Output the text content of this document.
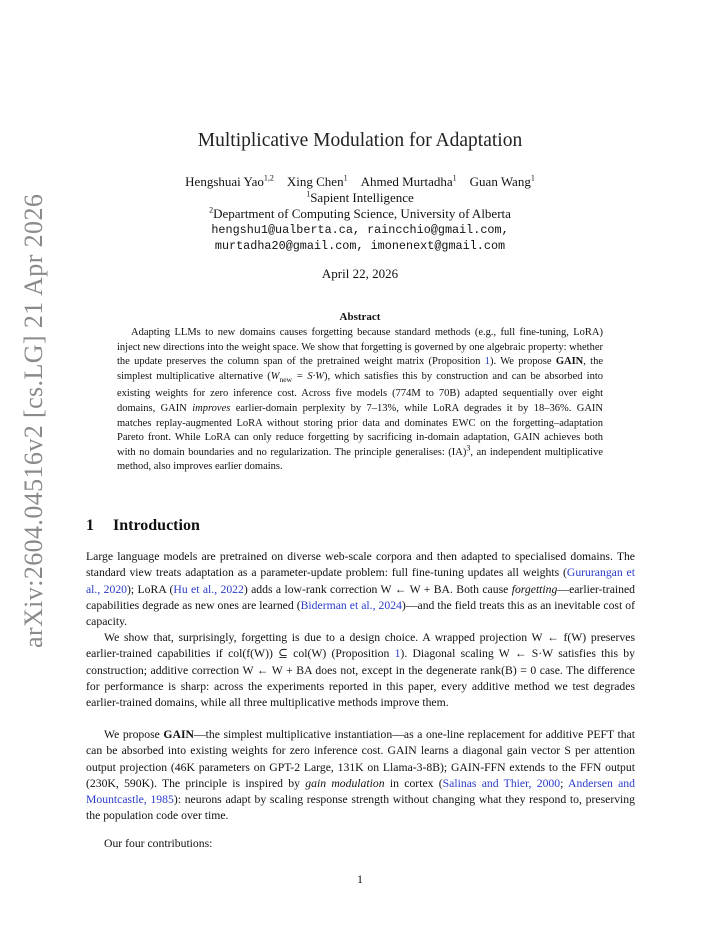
arXiv:2604.04516v2 [cs.LG] 21 Apr 2026
Multiplicative Modulation for Adaptation
Hengshuai Yao$^{1,2}$ Xing Chen$^1$ Ahmed Murtadha$^1$ Guan Wang$^1$
$^1$Sapient Intelligence
$^2$Department of Computing Science, University of Alberta
hengshu1@ualberta.ca, raincchio@gmail.com,
murtadha20@gmail.com, imonenext@gmail.com
April 22, 2026
Abstract

Adapting LLMs to new domains causes forgetting because standard methods (e.g., full fine-tuning, LoRA) inject new directions into the weight space. We show that forgetting is governed by one algebraic property: whether the update preserves the column span of the pretrained weight matrix (Proposition 1). We propose GAIN, the simplest multiplicative alternative $(W_{new} = S\cdot W)$, which satisfies this by construction and can be absorbed into existing weights for zero inference cost. Across five models (774M to 70B) adapted sequentially over eight domains, GAIN improves earlier-domain perplexity by 7–13%, while LoRA degrades it by 18–36%. GAIN matches replay-augmented LoRA without storing prior data and dominates EWC on the forgetting–adaptation Pareto front. While LoRA can only reduce forgetting by sacrificing in-domain adaptation, GAIN achieves both with no domain boundaries and no regularization. The principle generalises: (IA)$^3$, an independent multiplicative method, also improves earlier domains.

1 Introduction

Large language models are pretrained on diverse web-scale corpora and then adapted to specialised domains. The standard view treats adaptation as a parameter-update problem: full fine-tuning updates all weights (Gururangan et al., 2020); LoRA (Hu et al., 2022) adds a low-rank correction W ← W + BA. Both cause forgetting—earlier-trained capabilities degrade as new ones are learned (Biderman et al., 2024)—and the field treats this as an inevitable cost of capacity.

We show that, surprisingly, forgetting is due to a design choice. A wrapped projection W ← f(W) preserves earlier-trained capabilities if col(f(W)) ⊆ col(W) (Proposition 1). Diagonal scaling W ← S·W satisfies this by construction; additive correction W ← W + BA does not, except in the degenerate rank(B) = 0 case. The difference for performance is sharp: across the experiments reported in this paper, every additive method we test degrades earlier-trained domains, while all three multiplicative methods improve them.

We propose GAIN—the simplest multiplicative instantiation—as a one-line replacement for additive PEFT that can be absorbed into existing weights for zero inference cost. GAIN learns a diagonal gain vector S per attention output projection (46K parameters on GPT-2 Large, 131K on Llama-3-8B); GAIN-FFN extends to the FFN output (230K, 590K). The principle is inspired by gain modulation in cortex (Salinas and Thier, 2000; Andersen and Mountcastle, 1985): neurons adapt by scaling response strength without changing what they respond to, preserving the population code over time.

Our four contributions:

1
